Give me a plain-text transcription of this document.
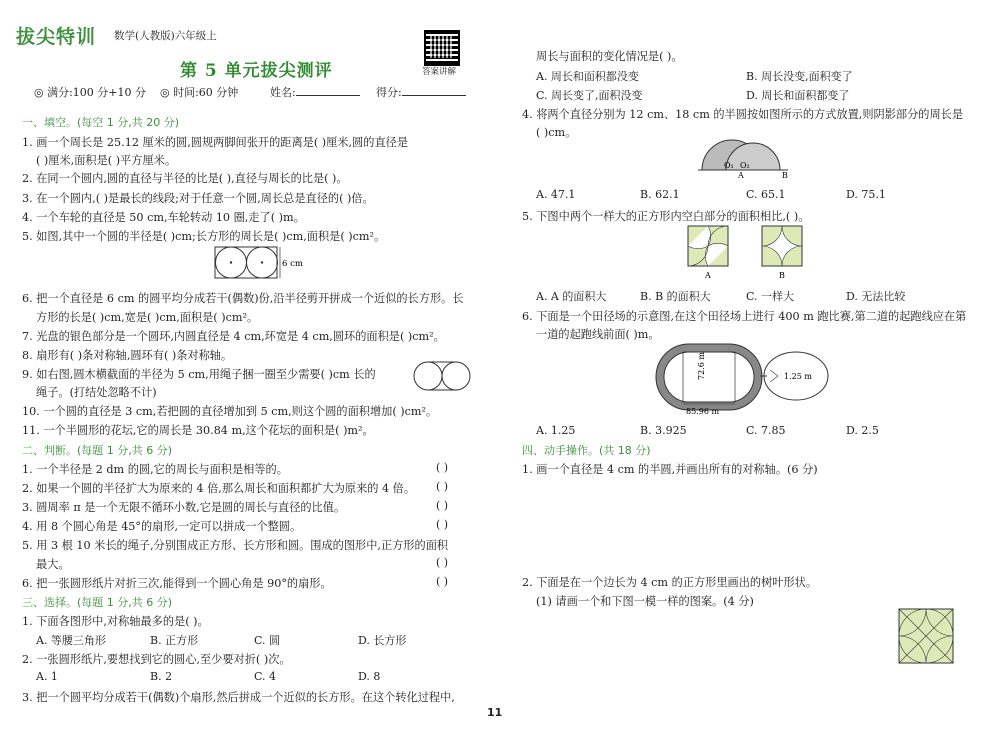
拔尖特训 数学(人教版)六年级上
答案讲解
第 5 单元拔尖测评
◎ 满分:100 分+10 分 ◎ 时间:60 分钟	姓名:	得分:
一、填空。(每空 1 分,共 20 分)
1. 画一个周长是 25.12 厘米的圆,圆规两脚间张开的距离是( )厘米,圆的直径是
( )厘米,面积是( )平方厘米。
2. 在同一个圆内,圆的直径与半径的比是( ),直径与周长的比是( )。
3. 在一个圆内,( )是最长的线段;对于任意一个圆,周长总是直径的( )倍。
4. 一个车轮的直径是 50 cm,车轮转动 10 圈,走了( )m。
5. 如图,其中一个圆的半径是( )cm;长方形的周长是( )cm,面积是( )cm²。
6 cm
6. 把一个直径是 6 cm 的圆平均分成若干(偶数)份,沿半径剪开拼成一个近似的长方形。长
方形的长是( )cm,宽是( )cm,面积是( )cm²。
7. 光盘的银色部分是一个圆环,内圆直径是 4 cm,环宽是 4 cm,圆环的面积是( )cm²。
8. 扇形有( )条对称轴,圆环有( )条对称轴。
9. 如右图,圆木横截面的半径为 5 cm,用绳子捆一圈至少需要( )cm 长的
绳子。(打结处忽略不计)
10. 一个圆的直径是 3 cm,若把圆的直径增加到 5 cm,则这个圆的面积增加( )cm²。
11. 一个半圆形的花坛,它的周长是 30.84 m,这个花坛的面积是( )m²。
二、判断。(每题 1 分,共 6 分)
1. 一个半径是 2 dm 的圆,它的周长与面积是相等的。	( )
2. 如果一个圆的半径扩大为原来的 4 倍,那么周长和面积都扩大为原来的 4 倍。 ( )
3. 圆周率 π 是一个无限不循环小数,它是圆的周长与直径的比值。	( )
4. 用 8 个圆心角是 45°的扇形,一定可以拼成一个整圆。	( )
5. 用 3 根 10 米长的绳子,分别围成正方形、长方形和圆。围成的图形中,正方形的面积
最大。	( )
6. 把一张圆形纸片对折三次,能得到一个圆心角是 90°的扇形。	( )
三、选择。(每题 1 分,共 6 分)
1. 下面各图形中,对称轴最多的是( )。
A. 等腰三角形	B. 正方形	C. 圆	D. 长方形
2. 一张圆形纸片,要想找到它的圆心,至少要对折( )次。
A. 1	B. 2	C. 4	D. 8
3. 把一个圆平均分成若干(偶数)个扇形,然后拼成一个近似的长方形。在这个转化过程中,
周长与面积的变化情况是( )。
A. 周长和面积都没变	B. 周长没变,面积变了
C. 周长变了,面积没变	D. 周长和面积都变了
4. 将两个直径分别为 12 cm、18 cm 的半圆按如图所示的方式放置,则阴影部分的周长是
( )cm。
O₁ O₂
A	B
A. 47.1	B. 62.1	C. 65.1	D. 75.1
5. 下图中两个一样大的正方形内空白部分的面积相比,( )。
A	B
A. A 的面积大	B. B 的面积大	C. 一样大	D. 无法比较
6. 下面是一个田径场的示意图,在这个田径场上进行 400 m 跑比赛,第二道的起跑线应在第
一道的起跑线前面( )m。
72.6 m
85.96 m
1.25 m
A. 1.25	B. 3.925	C. 7.85	D. 2.5
四、动手操作。(共 18 分)
1. 画一个直径是 4 cm 的半圆,并画出所有的对称轴。(6 分)
2. 下面是在一个边长为 4 cm 的正方形里画出的树叶形状。
(1) 请画一个和下图一模一样的图案。(4 分)
11
